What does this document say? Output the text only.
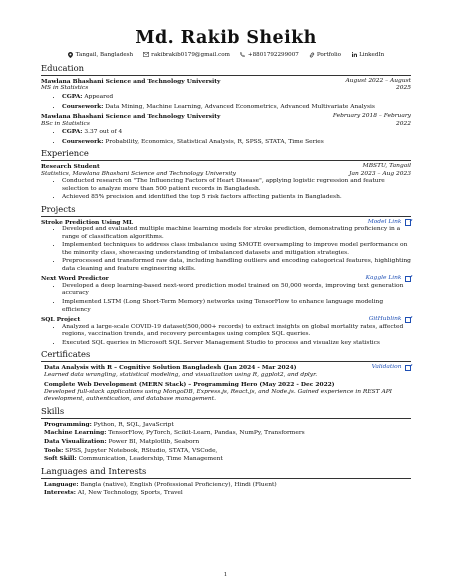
Md. Rakib Sheikh
Tangail, Bangladesh	rakibrakib0179@gmail.com	+8801792299007	Portfolio	LinkedIn
Education
Mawlana Bhashani Science and Technology University	August 2022 – August
MS in Statistics	2025
• CGPA: Appeared
• Coursework: Data Mining, Machine Learning, Advanced Econometrics, Advanced Multivariate Analysis
Mawlana Bhashani Science and Technology University	February 2018 – February
BSc in Statistics	2022
• CGPA: 3.37 out of 4
• Coursework: Probability, Economics, Statistical Analysis, R, SPSS, STATA, Time Series
Experience
Research Student	MBSTU, Tangail
Statistics, Mawlana Bhashani Science and Technology University	Jan 2023 – Aug 2023
• Conducted research on "The Influencing Factors of Heart Disease", applying logistic regression and feature selection to analyze more than 500 patient records in Bangladesh.
• Achieved 85% precision and identified the top 5 risk factors affecting patients in Bangladesh.
Projects
Stroke Prediction Using ML	Model Link
• Developed and evaluated multiple machine learning models for stroke prediction, demonstrating proficiency in a range of classification algorithms.
• Implemented techniques to address class imbalance using SMOTE oversampling to improve model performance on the minority class, showcasing understanding of imbalanced datasets and mitigation strategies.
• Preprocessed and transformed raw data, including handling outliers and encoding categorical features, highlighting data cleaning and feature engineering skills.
Next Word Predictor	Kaggle Link
• Developed a deep learning-based next-word prediction model trained on 50,000 words, improving text generation accuracy
• Implemented LSTM (Long Short-Term Memory) networks using TensorFlow to enhance language modeling efficiency
SQL Project	GitHublink
• Analyzed a large-scale COVID-19 dataset(500,000+ records) to extract insights on global mortality rates, affected regions, vaccination trends, and recovery percentages using complex SQL queries.
• Executed SQL queries in Microsoft SQL Server Management Studio to process and visualize key statistics
Certificates
Data Analysis with R – Cognitive Solution Bangladesh (Jan 2024 - Mar 2024)	Validation
Learned data wrangling, statistical modeling, and visualization using R, ggplot2, and dplyr.
Complete Web Development (MERN Stack) – Programming Hero (May 2022 - Dec 2022)
Developed full-stack applications using MongoDB, Express.js, React.js, and Node.js. Gained experience in REST API development, authentication, and database management.
Skills
Programming: Python, R, SQL, JavaScript
Machine Learning: TensorFlow, PyTorch, Scikit-Learn, Pandas, NumPy, Transformers
Data Visualization: Power BI, Matplotlib, Seaborn
Tools: SPSS, Jupyter Notebook, RStudio, STATA, VSCode,
Soft Skill: Communication, Leadership, Time Management
Languages and Interests
Language: Bangla (native), English (Professional Proficiency), Hindi (Fluent)
Interests: AI, New Technology, Sports, Travel
1
